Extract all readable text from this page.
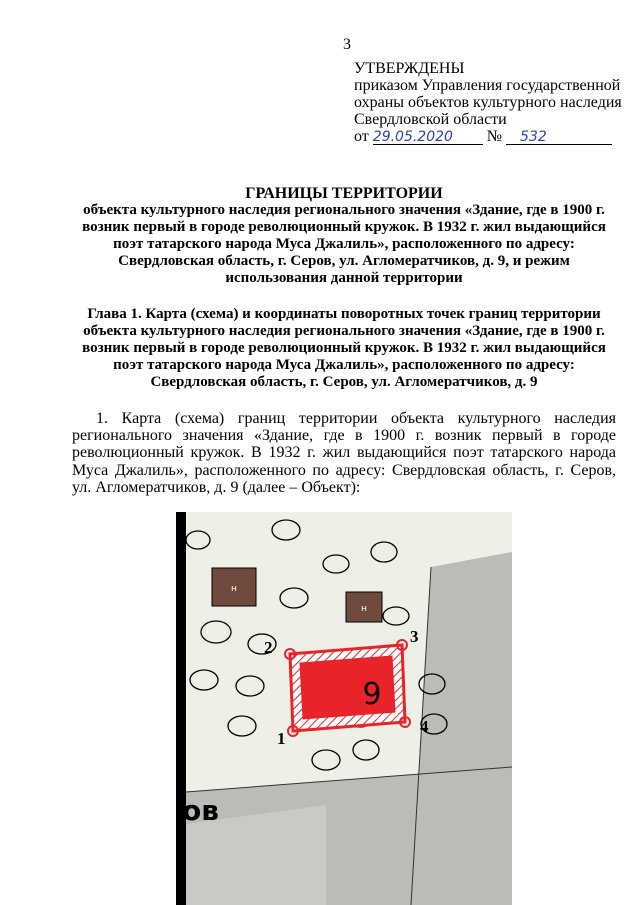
3
УТВЕРЖДЕНЫ
приказом Управления государственной
охраны объектов культурного наследия
Свердловской области
от 29.05.2020 № 532
ГРАНИЦЫ ТЕРРИТОРИИ
объекта культурного наследия регионального значения «Здание, где в 1900 г.
возник первый в городе революционный кружок. В 1932 г. жил выдающийся
поэт татарского народа Муса Джалиль», расположенного по адресу:
Свердловская область, г. Серов, ул. Агломератчиков, д. 9, и режим
использования данной территории
Глава 1. Карта (схема) и координаты поворотных точек границ территории
объекта культурного наследия регионального значения «Здание, где в 1900 г.
возник первый в городе революционный кружок. В 1932 г. жил выдающийся
поэт татарского народа Муса Джалиль», расположенного по адресу:
Свердловская область, г. Серов, ул. Агломератчиков, д. 9
1. Карта (схема) границ территории объекта культурного наследия регионального значения «Здание, где в 1900 г. возник первый в городе революционный кружок. В 1932 г. жил выдающийся поэт татарского народа Муса Джалиль», расположенного по адресу: Свердловская область, г. Серов, ул. Агломератчиков, д. 9 (далее – Объект):
н
н
9
1
2
3
4
ов
